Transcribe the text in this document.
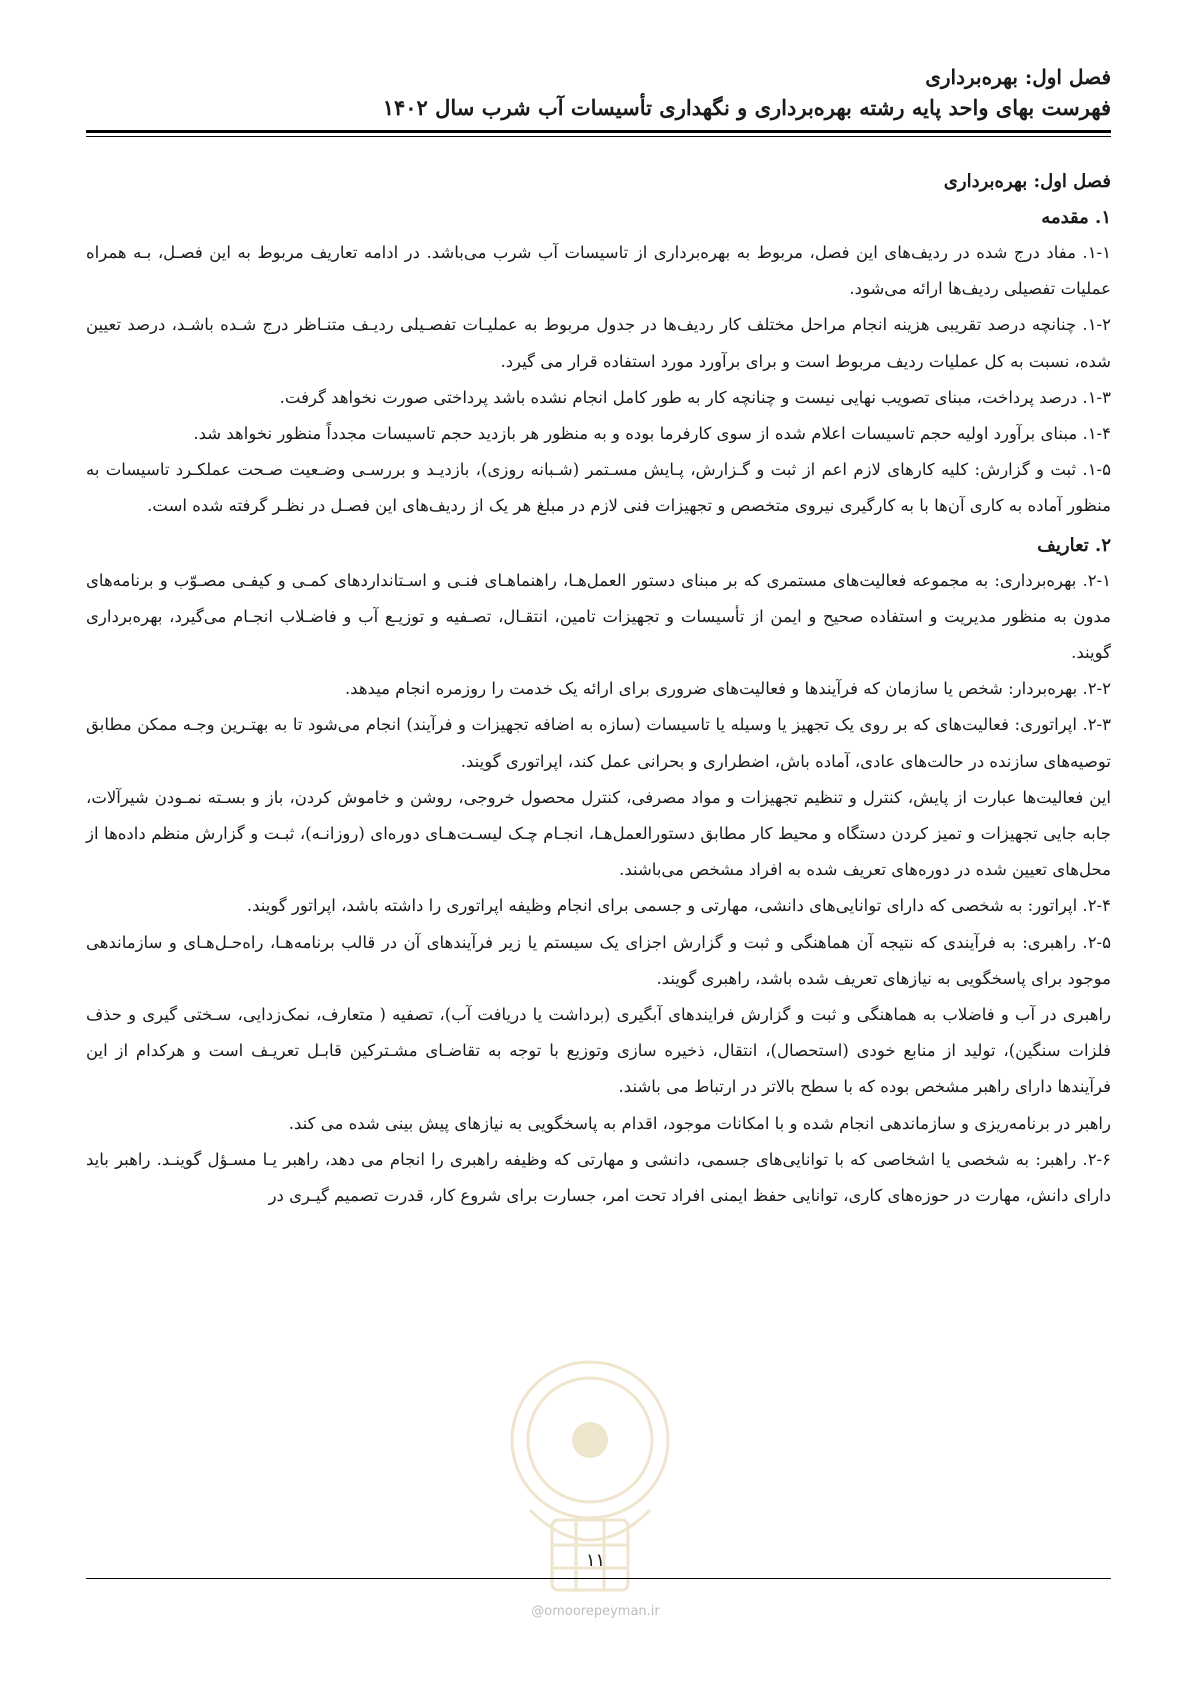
فصل اول: بهره‌برداری
فهرست بهای واحد پایه رشته بهره‌برداری و نگهداری تأسیسات آب شرب سال ۱۴۰۲

فصل اول: بهره‌برداری

۱. مقدمه

۱-۱. مفاد درج شده در ردیف‌های این فصل، مربوط به بهره‌برداری از تاسیسات آب شرب می‌باشد. در ادامه تعاریف مربوط به این فصـل، بـه همراه عملیات تفصیلی ردیف‌ها ارائه می‌شود.

۱-۲. چنانچه درصد تقریبی هزینه انجام مراحل مختلف کار ردیف‌ها در جدول مربوط به عملیـات تفصـیلی ردیـف متنـاظر درج شـده باشـد، درصد تعیین شده، نسبت به کل عملیات ردیف مربوط است و برای برآورد مورد استفاده قرار می گیرد.

۱-۳. درصد پرداخت، مبنای تصویب نهایی نیست و چنانچه کار به طور کامل انجام نشده باشد پرداختی صورت نخواهد گرفت.

۱-۴. مبنای برآورد اولیه حجم تاسیسات اعلام شده از سوی کارفرما بوده و به منظور هر بازدید حجم تاسیسات مجدداً منظور نخواهد شد.

۱-۵. ثبت و گزارش: کلیه کارهای لازم اعم از ثبت و گـزارش، پـایش مسـتمر (شـبانه روزی)، بازدیـد و بررسـی وضـعیت صـحت عملکـرد تاسیسات به منظور آماده به کاری آن‌ها با به کارگیری نیروی متخصص و تجهیزات فنی لازم در مبلغ هر یک از ردیف‌های این فصـل در نظـر گرفته شده است.

۲. تعاریف

۲-۱. بهره‌برداری: به مجموعه فعالیت‌های مستمری که بر مبنای دستور العمل‌هـا، راهنماهـای فنـی و اسـتانداردهای کمـی و کیفـی مصـوّب و برنامه‌های مدون به منظور مدیریت و استفاده صحیح و ایمن از تأسیسات و تجهیزات تامین، انتقـال، تصـفیه و توزیـع آب و فاضـلاب انجـام می‌گیرد، بهره‌برداری گویند.

۲-۲. بهره‌بردار: شخص یا سازمان که فرآیندها و فعالیت‌های ضروری برای ارائه یک خدمت را روزمره انجام میدهد.

۲-۳. اپراتوری: فعالیت‌های که بر روی یک تجهیز یا وسیله یا تاسیسات (سازه به اضافه تجهیزات و فرآیند) انجام می‌شود تا به بهتـرین وجـه ممکن مطابق توصیه‌های سازنده در حالت‌های عادی، آماده باش، اضطراری و بحرانی عمل کند، اپراتوری گویند.

این فعالیت‌ها عبارت از پایش، کنترل و تنظیم تجهیزات و مواد مصرفی، کنترل محصول خروجی، روشن و خاموش کردن، باز و بسـته نمـودن شیرآلات، جابه جایی تجهیزات و تمیز کردن دستگاه و محیط کار مطابق دستورالعمل‌هـا، انجـام چـک لیسـت‌هـای دوره‌ای (روزانـه)، ثبـت و گزارش منظم داده‌ها از محل‌های تعیین شده در دوره‌های تعریف شده به افراد مشخص می‌باشند.

۲-۴. اپراتور: به شخصی که دارای توانایی‌های دانشی، مهارتی و جسمی برای انجام وظیفه اپراتوری را داشته باشد، اپراتور گویند.

۲-۵. راهبری: به فرآیندی که نتیجه آن هماهنگی و ثبت و گزارش اجزای یک سیستم یا زیر فرآیندهای آن در قالب برنامه‌هـا، راه‌حـل‌هـای و سازماندهی موجود برای پاسخگویی به نیازهای تعریف شده باشد، راهبری گویند.

راهبری در آب و فاضلاب به هماهنگی و ثبت و گزارش فرایندهای آبگیری (برداشت یا دریافت آب)، تصفیه ( متعارف، نمک‌زدایی، سـختی گیری و حذف فلزات سنگین)، تولید از منابع خودی (استحصال)، انتقال، ذخیره سازی وتوزیع با توجه به تقاضـای مشـترکین قابـل تعریـف است و هرکدام از این فرآیندها دارای راهبر مشخص بوده که با سطح بالاتر در ارتباط می باشند.

راهبر در برنامه‌ریزی و سازماندهی انجام شده و با امکانات موجود، اقدام به پاسخگویی به نیازهای پیش بینی شده می کند.

۲-۶. راهبر: به شخصی یا اشخاصی که با توانایی‌های جسمی، دانشی و مهارتی که وظیفه راهبری را انجام می دهد، راهبر یـا مسـؤل گوینـد. راهبر باید دارای دانش، مهارت در حوزه‌های کاری، توانایی حفظ ایمنی افراد تحت امر، جسارت برای شروع کار، قدرت تصمیم گیـری در

۱۱
@omoorepeyman.ir
